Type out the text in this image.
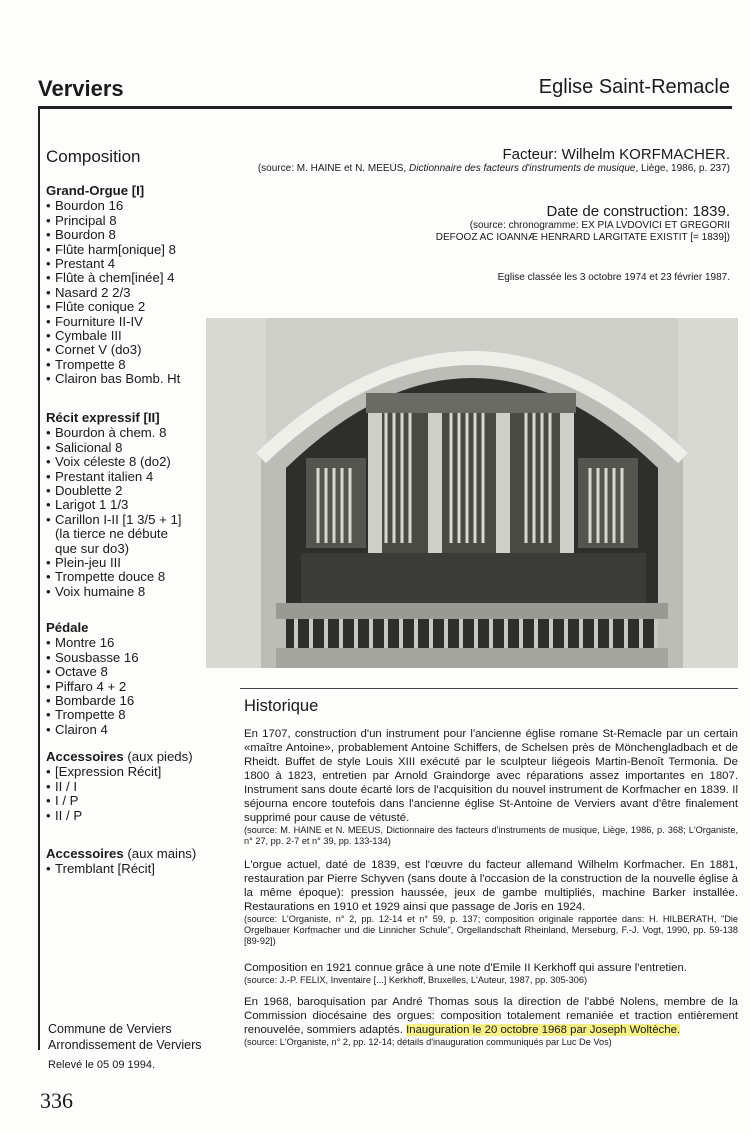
Verviers	Eglise Saint-Remacle
Composition
Grand-Orgue [I]
• Bourdon 16
• Principal 8
• Bourdon 8
• Flûte harm[onique] 8
• Prestant 4
• Flûte à chem[inée] 4
• Nasard 2 2/3
• Flûte conique 2
• Fourniture II-IV
• Cymbale III
• Cornet V (do3)
• Trompette 8
• Clairon bas Bomb. Ht
Récit expressif [II]
• Bourdon à chem. 8
• Salicional 8
• Voix céleste 8 (do2)
• Prestant italien 4
• Doublette 2
• Larigot 1 1/3
• Carillon I-II [1 3/5 + 1] (la tierce ne débute que sur do3)
• Plein-jeu III
• Trompette douce 8
• Voix humaine 8
Pédale
• Montre 16
• Sousbasse 16
• Octave 8
• Piffaro 4 + 2
• Bombarde 16
• Trompette 8
• Clairon 4
Accessoires (aux pieds)
• [Expression Récit]
• II / I
• I / P
• II / P
Accessoires (aux mains)
• Tremblant [Récit]
Facteur: Wilhelm KORFMACHER.
(source: M. HAINE et N. MEEUS, Dictionnaire des facteurs d'instruments de musique, Liège, 1986, p. 237)
Date de construction: 1839.
(source: chronogramme: EX PIA LVDOVICI ET GREGORII
DEFOOZ AC IOANNÆ HENRARD LARGITATE EXISTIT [= 1839])
Eglise classée les 3 octobre 1974 et 23 février 1987.
Historique

En 1707, construction d'un instrument pour l'ancienne église romane St-Remacle par un certain «maître Antoine», probablement Antoine Schiffers, de Schelsen près de Mönchengladbach et de Rheidt. Buffet de style Louis XIII exécuté par le sculpteur liégeois Martin-Benoît Termonia. De 1800 à 1823, entretien par Arnold Graindorge avec réparations assez importantes en 1807. Instrument sans doute écarté lors de l'acquisition du nouvel instrument de Korfmacher en 1839. Il séjourna encore toutefois dans l'ancienne église St-Antoine de Verviers avant d'être finalement supprimé pour cause de vétusté.

(source: M. HAINE et N. MEEUS, Dictionnaire des facteurs d'instruments de musique, Liège, 1986, p. 368; L'Organiste, n° 27, pp. 2-7 et n° 39, pp. 133-134)

L'orgue actuel, daté de 1839, est l'œuvre du facteur allemand Wilhelm Korfmacher. En 1881, restauration par Pierre Schyven (sans doute à l'occasion de la construction de la nouvelle église à la même époque): pression haussée, jeux de gambe multipliés, machine Barker installée. Restaurations en 1910 et 1929 ainsi que passage de Joris en 1924.

(source: L'Organiste, n° 2, pp. 12-14 et n° 59, p. 137; composition originale rapportée dans: H. HILBERATH, "Die Orgelbauer Korfmacher und die Linnicher Schule", Orgellandschaft Rheinland, Merseburg, F.-J. Vogt, 1990, pp. 59-138 [89-92])

Composition en 1921 connue grâce à une note d'Emile II Kerkhoff qui assure l'entretien.

(source: J.-P. FELIX, Inventaire [...] Kerkhoff, Bruxelles, L'Auteur, 1987, pp. 305-306)

En 1968, baroquisation par André Thomas sous la direction de l'abbé Nolens, membre de la Commission diocésaine des orgues: composition totalement remaniée et traction entièrement renouvelée, sommiers adaptés. Inauguration le 20 octobre 1968 par Joseph Woltèche.

(source: L'Organiste, n° 2, pp. 12-14; détails d'inauguration communiqués par Luc De Vos)

Commune de Verviers
Arrondissement de Verviers
Relevé le 05 09 1994.
336
